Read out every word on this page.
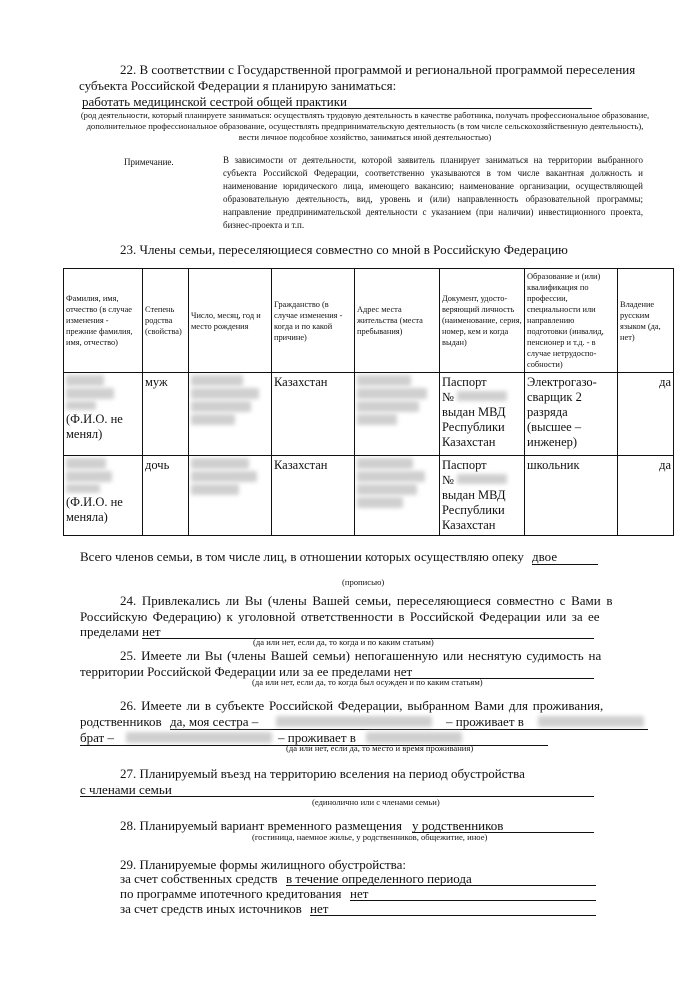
22. В соответствии с Государственной программой и региональной программой переселения
субъекта Российской Федерации я планирую заниматься:
работать медицинской сестрой общей практики
(род деятельности, который планируете заниматься: осуществлять трудовую деятельность в качестве работника, получать профессиональное образование, дополнительное профессиональное образование, осуществлять предпринимательскую деятельность (в том числе сельскохозяйственную деятельность), вести личное подсобное хозяйство, заниматься иной деятельностью)
Примечание.	В зависимости от деятельности, которой заявитель планирует заниматься на территории выбранного субъекта Российской Федерации, соответственно указываются в том числе вакантная должность и наименование юридического лица, имеющего вакансию; наименование организации, осуществляющей образовательную деятельность, вид, уровень и (или) направленность образовательной программы; направление предпринимательской деятельности с указанием (при наличии) инвестиционного проекта, бизнес-проекта и т.п.
23. Члены семьи, переселяющиеся совместно со мной в Российскую Федерацию
Фамилия, имя, отчество (в случае изменения - прежние фамилия, имя, отчество)	Степень родства (свойства)	Число, месяц, год и место рождения	Гражданство (в случае изменения - когда и по какой причине)	Адрес места жительства (места пребывания)	Документ, удосто-веряющий личность (наименование, серия, номер, кем и когда выдан)	Образование и (или) квалификация по профессии, специальности или направлению подготовки (инвалид, пенсионер и т.д. - в случае нетрудоспо-собности)	Владение русским языком (да, нет)

(Ф.И.О. не менял)	муж		Казахстан		Паспорт
№
выдан МВД
Республики
Казахстан	Электрогазо-сварщик 2 разряда (высшее – инженер)	да

(Ф.И.О. не меняла)	дочь		Казахстан		Паспорт
№
выдан МВД
Республики
Казахстан	школьник	да
Всего членов семьи, в том числе лиц, в отношении которых осуществляю опеку двое
(прописью)
24. Привлекались ли Вы (члены Вашей семьи, переселяющиеся совместно с Вами в
Российскую Федерацию) к уголовной ответственности в Российской Федерации или за ее
пределами нет
(да или нет, если да, то когда и по каким статьям)
25. Имеете ли Вы (члены Вашей семьи) непогашенную или неснятую судимость на
территории Российской Федерации или за ее пределами нет
(да или нет, если да, то когда был осужден и по каким статьям)
26. Имеете ли в субъекте Российской Федерации, выбранном Вами для проживания,
родственников да, моя сестра –	– проживает в
брат –	– проживает в
(да или нет, если да, то место и время проживания)
27. Планируемый въезд на территорию вселения на период обустройства
с членами семьи
(единолично или с членами семьи)
28. Планируемый вариант временного размещения у родственников
(гостиница, наемное жилье, у родственников, общежитие, иное)
29. Планируемые формы жилищного обустройства:
за счет собственных средств в течение определенного периода
по программе ипотечного кредитования нет
за счет средств иных источников нет
